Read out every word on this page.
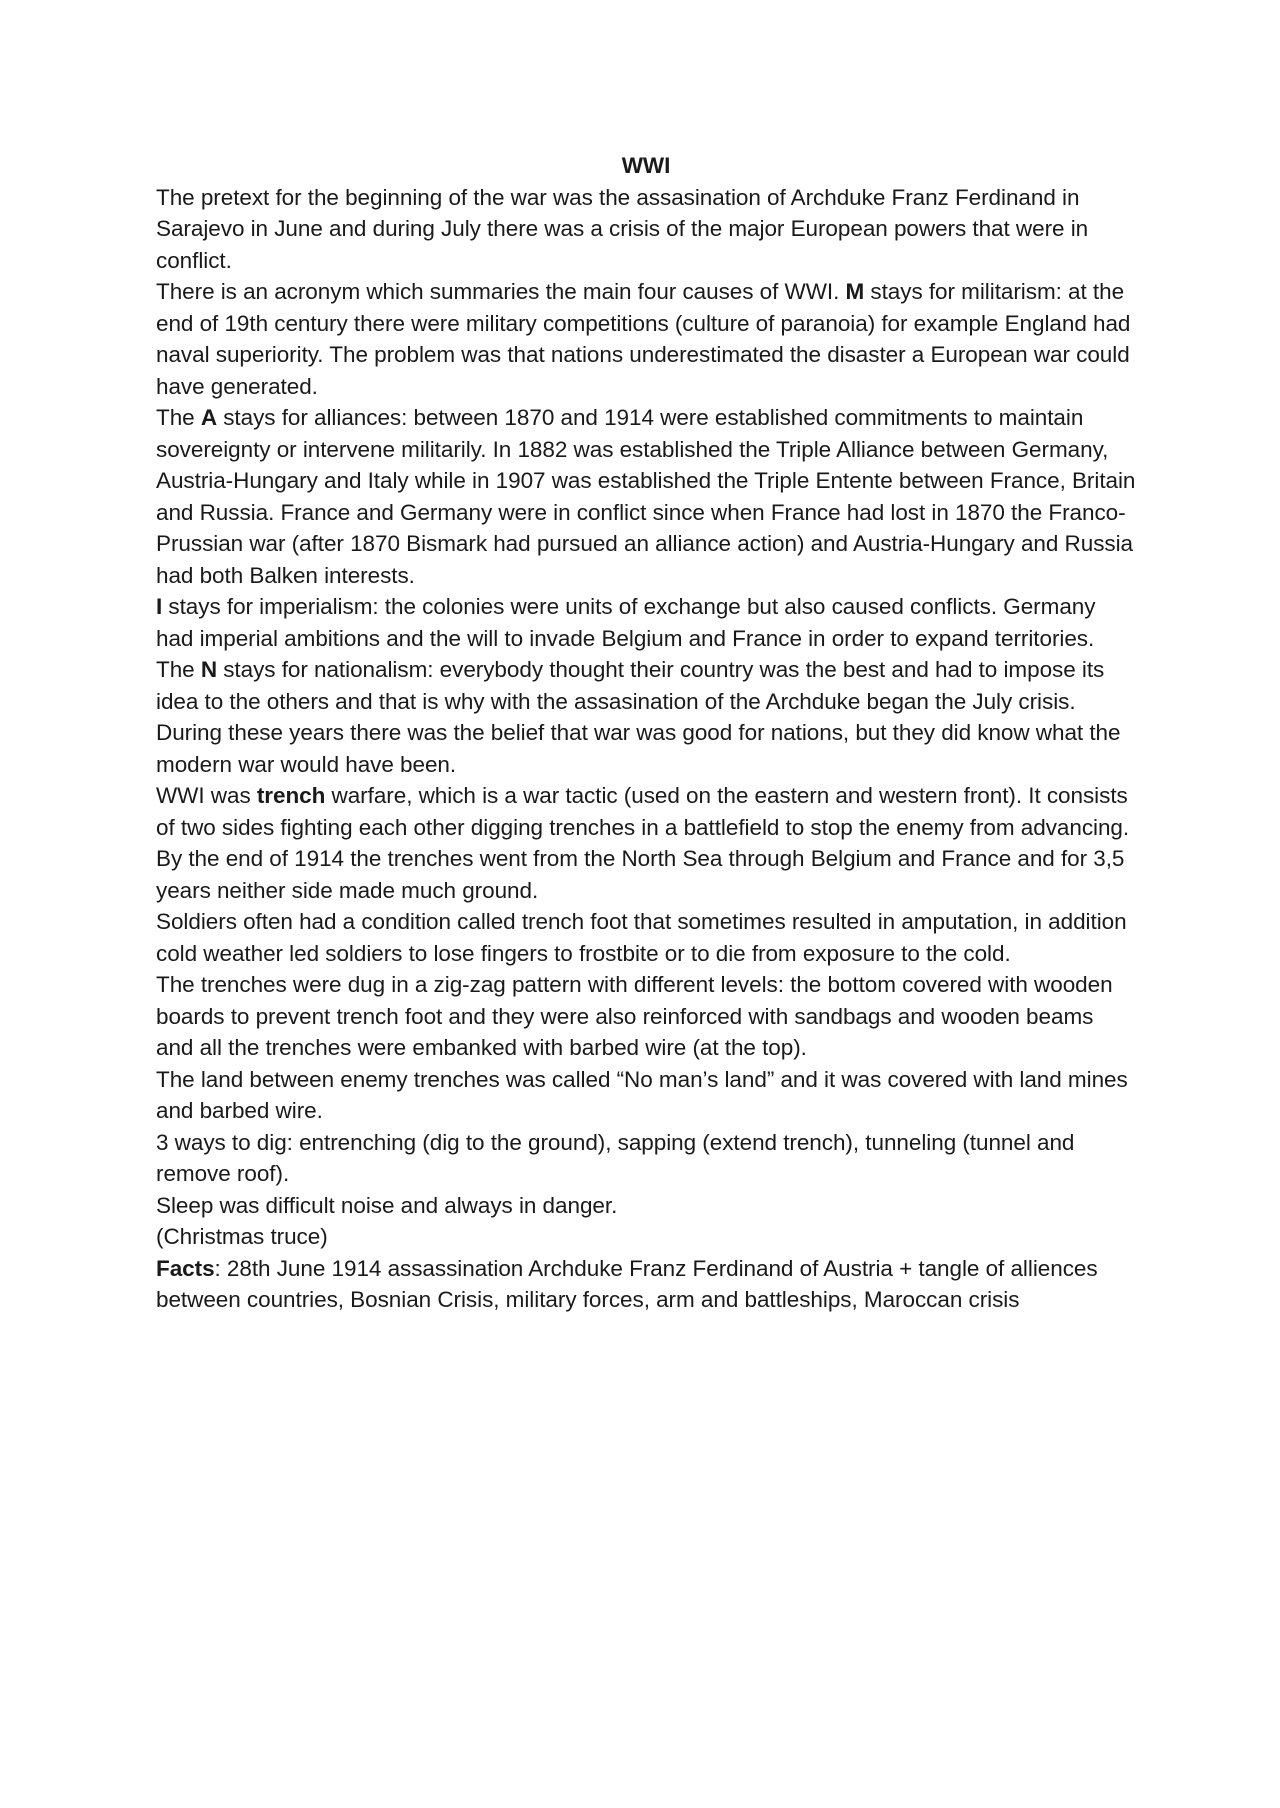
WWI

The pretext for the beginning of the war was the assasination of Archduke Franz Ferdinand in Sarajevo in June and during July there was a crisis of the major European powers that were in conflict.

There is an acronym which summaries the main four causes of WWI. M stays for militarism: at the end of 19th century there were military competitions (culture of paranoia) for example England had naval superiority. The problem was that nations underestimated the disaster a European war could have generated.

The A stays for alliances: between 1870 and 1914 were established commitments to maintain sovereignty or intervene militarily. In 1882 was established the Triple Alliance between Germany, Austria-Hungary and Italy while in 1907 was established the Triple Entente between France, Britain and Russia. France and Germany were in conflict since when France had lost in 1870 the Franco-Prussian war (after 1870 Bismark had pursued an alliance action) and Austria-Hungary and Russia had both Balken interests.

I stays for imperialism: the colonies were units of exchange but also caused conflicts. Germany had imperial ambitions and the will to invade Belgium and France in order to expand territories.

The N stays for nationalism: everybody thought their country was the best and had to impose its idea to the others and that is why with the assasination of the Archduke began the July crisis.

During these years there was the belief that war was good for nations, but they did know what the modern war would have been.

WWI was trench warfare, which is a war tactic (used on the eastern and western front). It consists of two sides fighting each other digging trenches in a battlefield to stop the enemy from advancing. By the end of 1914 the trenches went from the North Sea through Belgium and France and for 3,5 years neither side made much ground.

Soldiers often had a condition called trench foot that sometimes resulted in amputation, in addition cold weather led soldiers to lose fingers to frostbite or to die from exposure to the cold.

The trenches were dug in a zig-zag pattern with different levels: the bottom covered with wooden boards to prevent trench foot and they were also reinforced with sandbags and wooden beams and all the trenches were embanked with barbed wire (at the top).

The land between enemy trenches was called “No man’s land” and it was covered with land mines and barbed wire.

3 ways to dig: entrenching (dig to the ground), sapping (extend trench), tunneling (tunnel and remove roof).

Sleep was difficult noise and always in danger.

(Christmas truce)

Facts: 28th June 1914 assassination Archduke Franz Ferdinand of Austria + tangle of alliences between countries, Bosnian Crisis, military forces, arm and battleships, Maroccan crisis
